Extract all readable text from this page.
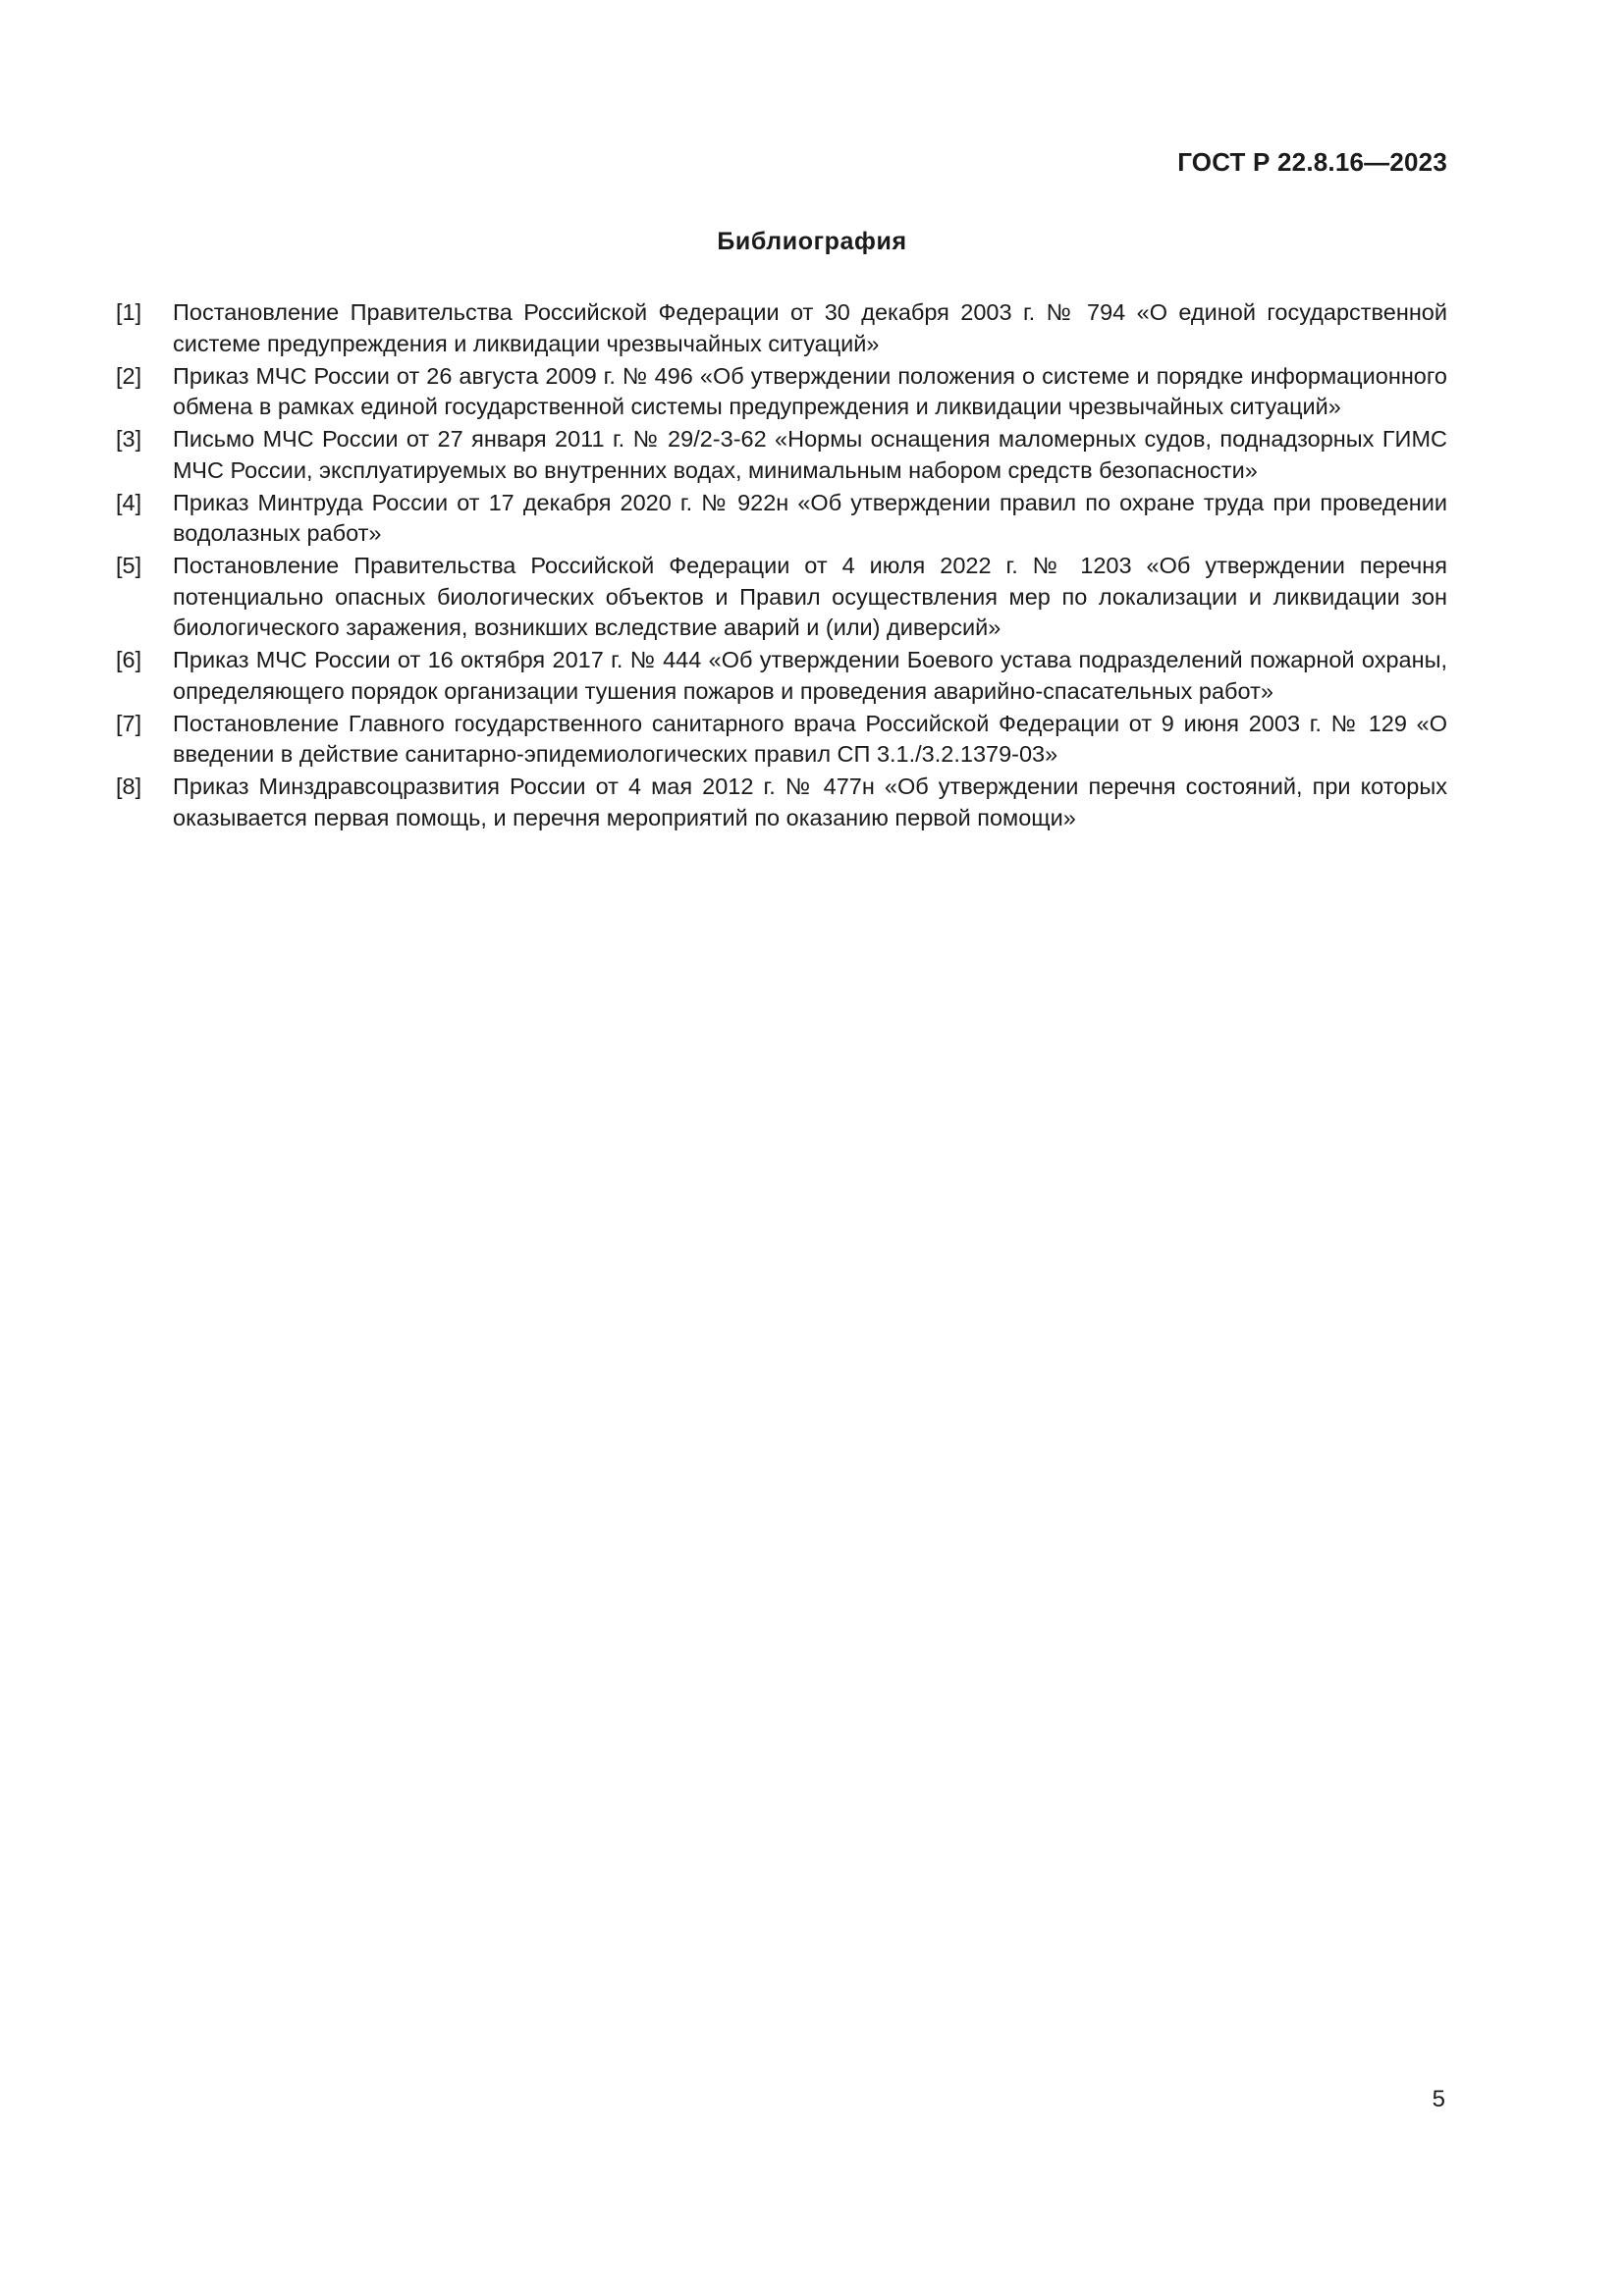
ГОСТ Р 22.8.16—2023
Библиография
[1]	Постановление Правительства Российской Федерации от 30 декабря 2003 г. № 794 «О единой государственной системе предупреждения и ликвидации чрезвычайных ситуаций»
[2]	Приказ МЧС России от 26 августа 2009 г. № 496 «Об утверждении положения о системе и порядке информационного обмена в рамках единой государственной системы предупреждения и ликвидации чрезвычайных ситуаций»
[3]	Письмо МЧС России от 27 января 2011 г. № 29/2-3-62 «Нормы оснащения маломерных судов, поднадзорных ГИМС МЧС России, эксплуатируемых во внутренних водах, минимальным набором средств безопасности»
[4]	Приказ Минтруда России от 17 декабря 2020 г. № 922н «Об утверждении правил по охране труда при проведении водолазных работ»
[5]	Постановление Правительства Российской Федерации от 4 июля 2022 г. № 1203 «Об утверждении перечня потенциально опасных биологических объектов и Правил осуществления мер по локализации и ликвидации зон биологического заражения, возникших вследствие аварий и (или) диверсий»
[6]	Приказ МЧС России от 16 октября 2017 г. № 444 «Об утверждении Боевого устава подразделений пожарной охраны, определяющего порядок организации тушения пожаров и проведения аварийно-спасательных работ»
[7]	Постановление Главного государственного санитарного врача Российской Федерации от 9 июня 2003 г. № 129 «О введении в действие санитарно-эпидемиологических правил СП 3.1./3.2.1379-03»
[8]	Приказ Минздравсоцразвития России от 4 мая 2012 г. № 477н «Об утверждении перечня состояний, при которых оказывается первая помощь, и перечня мероприятий по оказанию первой помощи»
5
